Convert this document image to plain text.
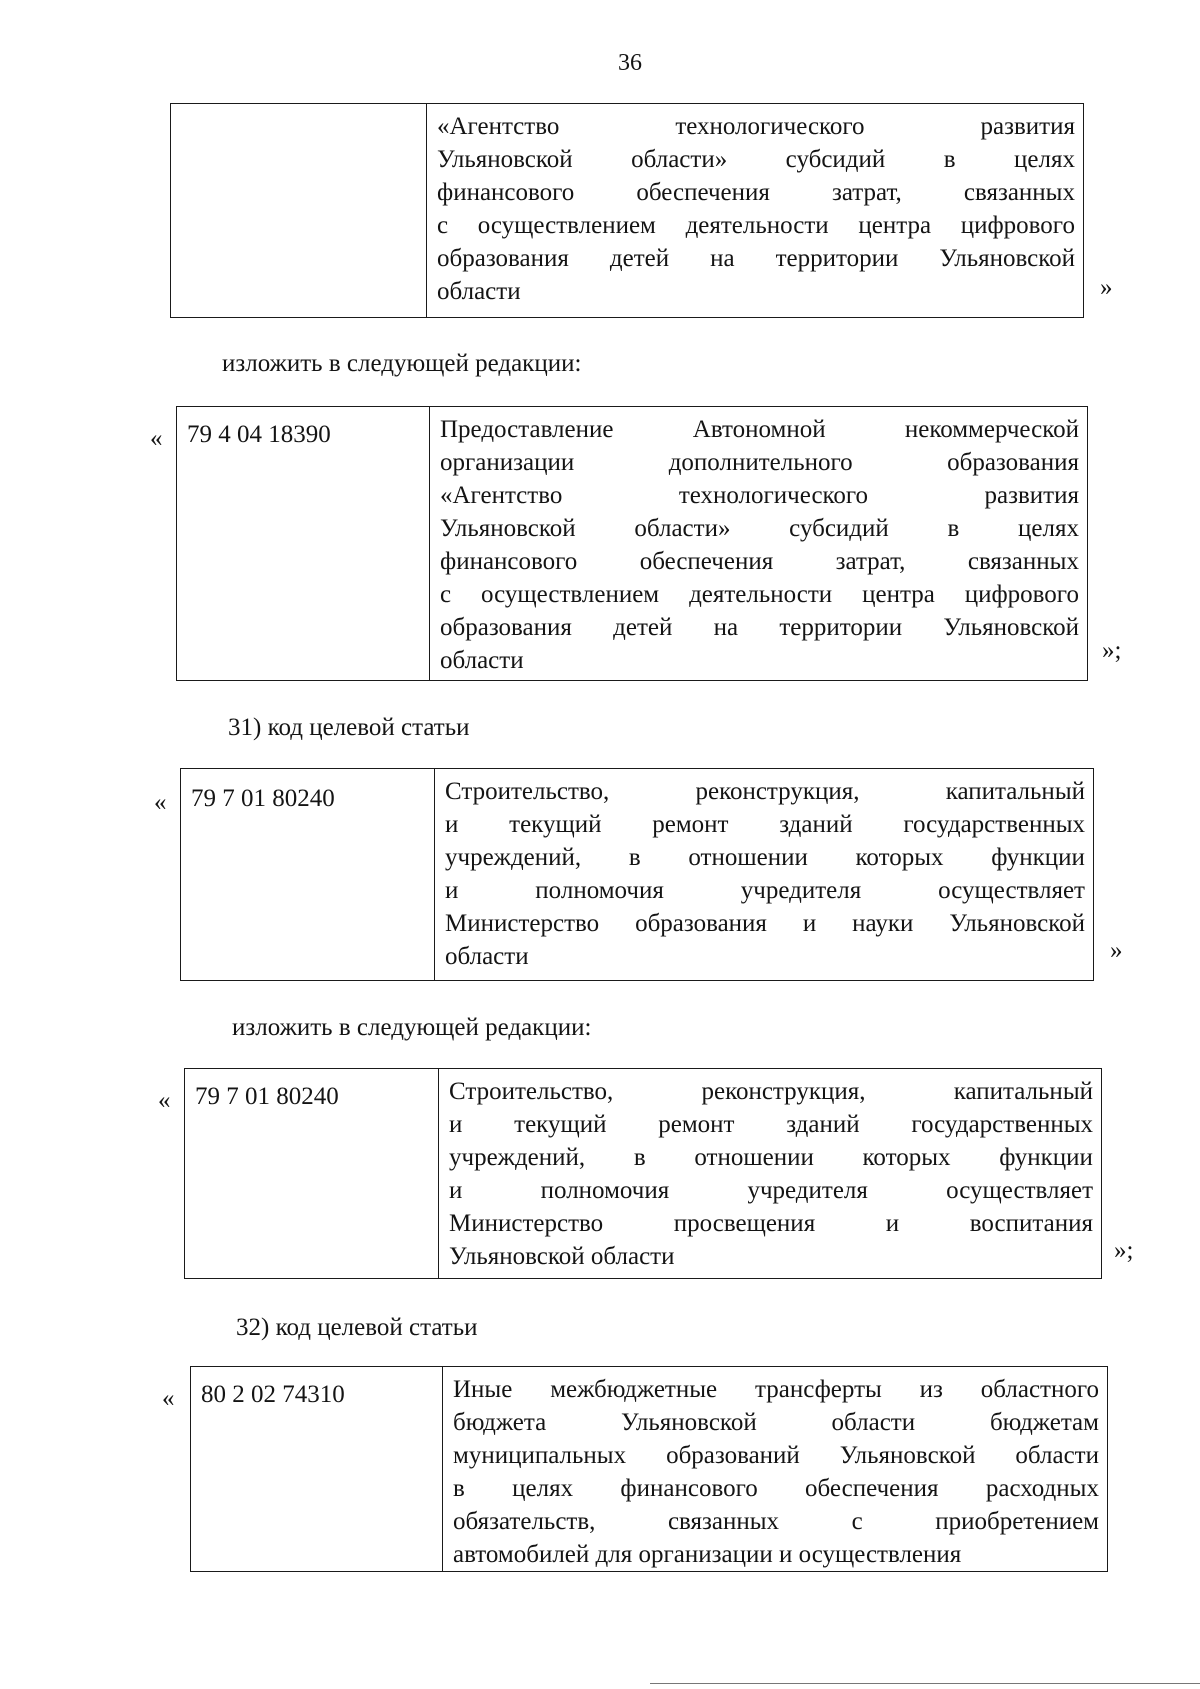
36
«Агентство	технологического	развития
Ульяновской области» субсидий в целях
финансового обеспечения затрат, связанных
с осуществлением деятельности центра цифрового
образования детей на территории Ульяновской
области	»
изложить в следующей редакции:
« 79 4 04 18390	Предоставление	Автономной	некоммерческой
организации	дополнительного	образования
«Агентство	технологического	развития
Ульяновской области» субсидий в целях
финансового обеспечения затрат, связанных
с осуществлением деятельности центра цифрового
образования детей на территории Ульяновской
области	»;
31) код целевой статьи
« 79 7 01 80240	Строительство,	реконструкция,	капитальный
и текущий ремонт зданий государственных
учреждений, в отношении которых функции
и	полномочия	учредителя	осуществляет
Министерство образования и науки Ульяновской
области	»
изложить в следующей редакции:
« 79 7 01 80240	Строительство,	реконструкция,	капитальный
и текущий ремонт зданий государственных
учреждений, в отношении которых функции
и	полномочия	учредителя	осуществляет
Министерство	просвещения	и	воспитания
Ульяновской области	»;
32) код целевой статьи
«	80 2 02 74310	Иные межбюджетные трансферты из областного
бюджета	Ульяновской	области	бюджетам
муниципальных образований Ульяновской области
в целях финансового обеспечения расходных
обязательств,	связанных	с	приобретением
автомобилей для организации и осуществления
